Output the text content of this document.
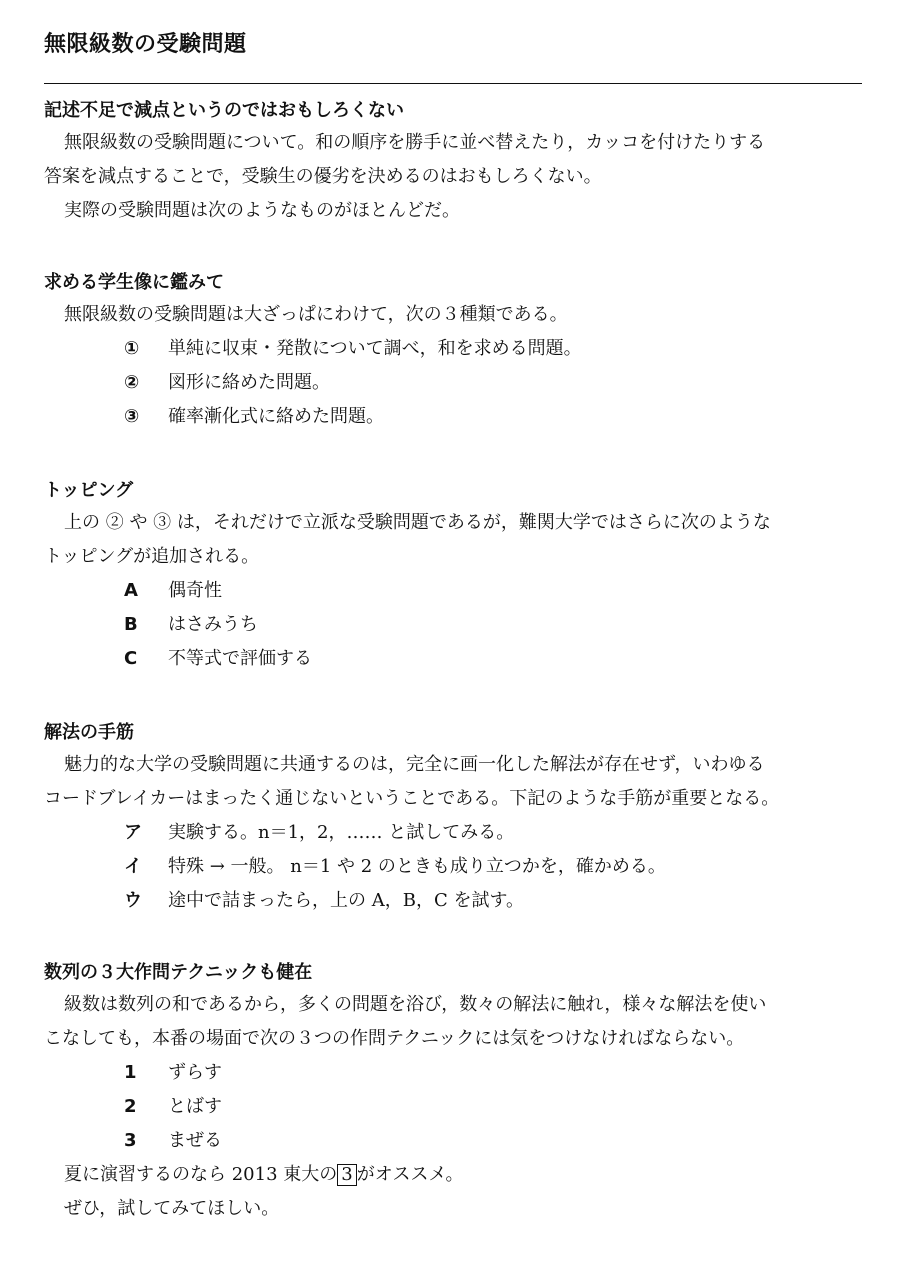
無限級数の受験問題
記述不足で減点というのではおもしろくない

無限級数の受験問題について。和の順序を勝手に並べ替えたり，カッコを付けたりする
答案を減点することで，受験生の優劣を決めるのはおもしろくない。
実際の受験問題は次のようなものがほとんどだ。

求める学生像に鑑みて

無限級数の受験問題は大ざっぱにわけて，次の３種類である。

① 単純に収束・発散について調べ，和を求める問題。
② 図形に絡めた問題。
③ 確率漸化式に絡めた問題。
トッピング

上の ② や ③ は，それだけで立派な受験問題であるが，難関大学ではさらに次のような
トッピングが追加される。

A 偶奇性
B はさみうち
C 不等式で評価する
解法の手筋

魅力的な大学の受験問題に共通するのは，完全に画一化した解法が存在せず，いわゆる
コードブレイカーはまったく通じないということである。下記のような手筋が重要となる。

ア 実験する。n＝1，2，…… と試してみる。
イ 特殊 → 一般。 n＝1 や 2 のときも成り立つかを，確かめる。
ウ 途中で詰まったら，上の A，B，C を試す。
数列の３大作問テクニックも健在

級数は数列の和であるから，多くの問題を浴び，数々の解法に触れ，様々な解法を使い
こなしても，本番の場面で次の３つの作問テクニックには気をつけなければならない。

1 ずらす
2 とばす
3 まぜる

夏に演習するのなら 2013 東大の 3 がオススメ。
ぜひ，試してみてほしい。
